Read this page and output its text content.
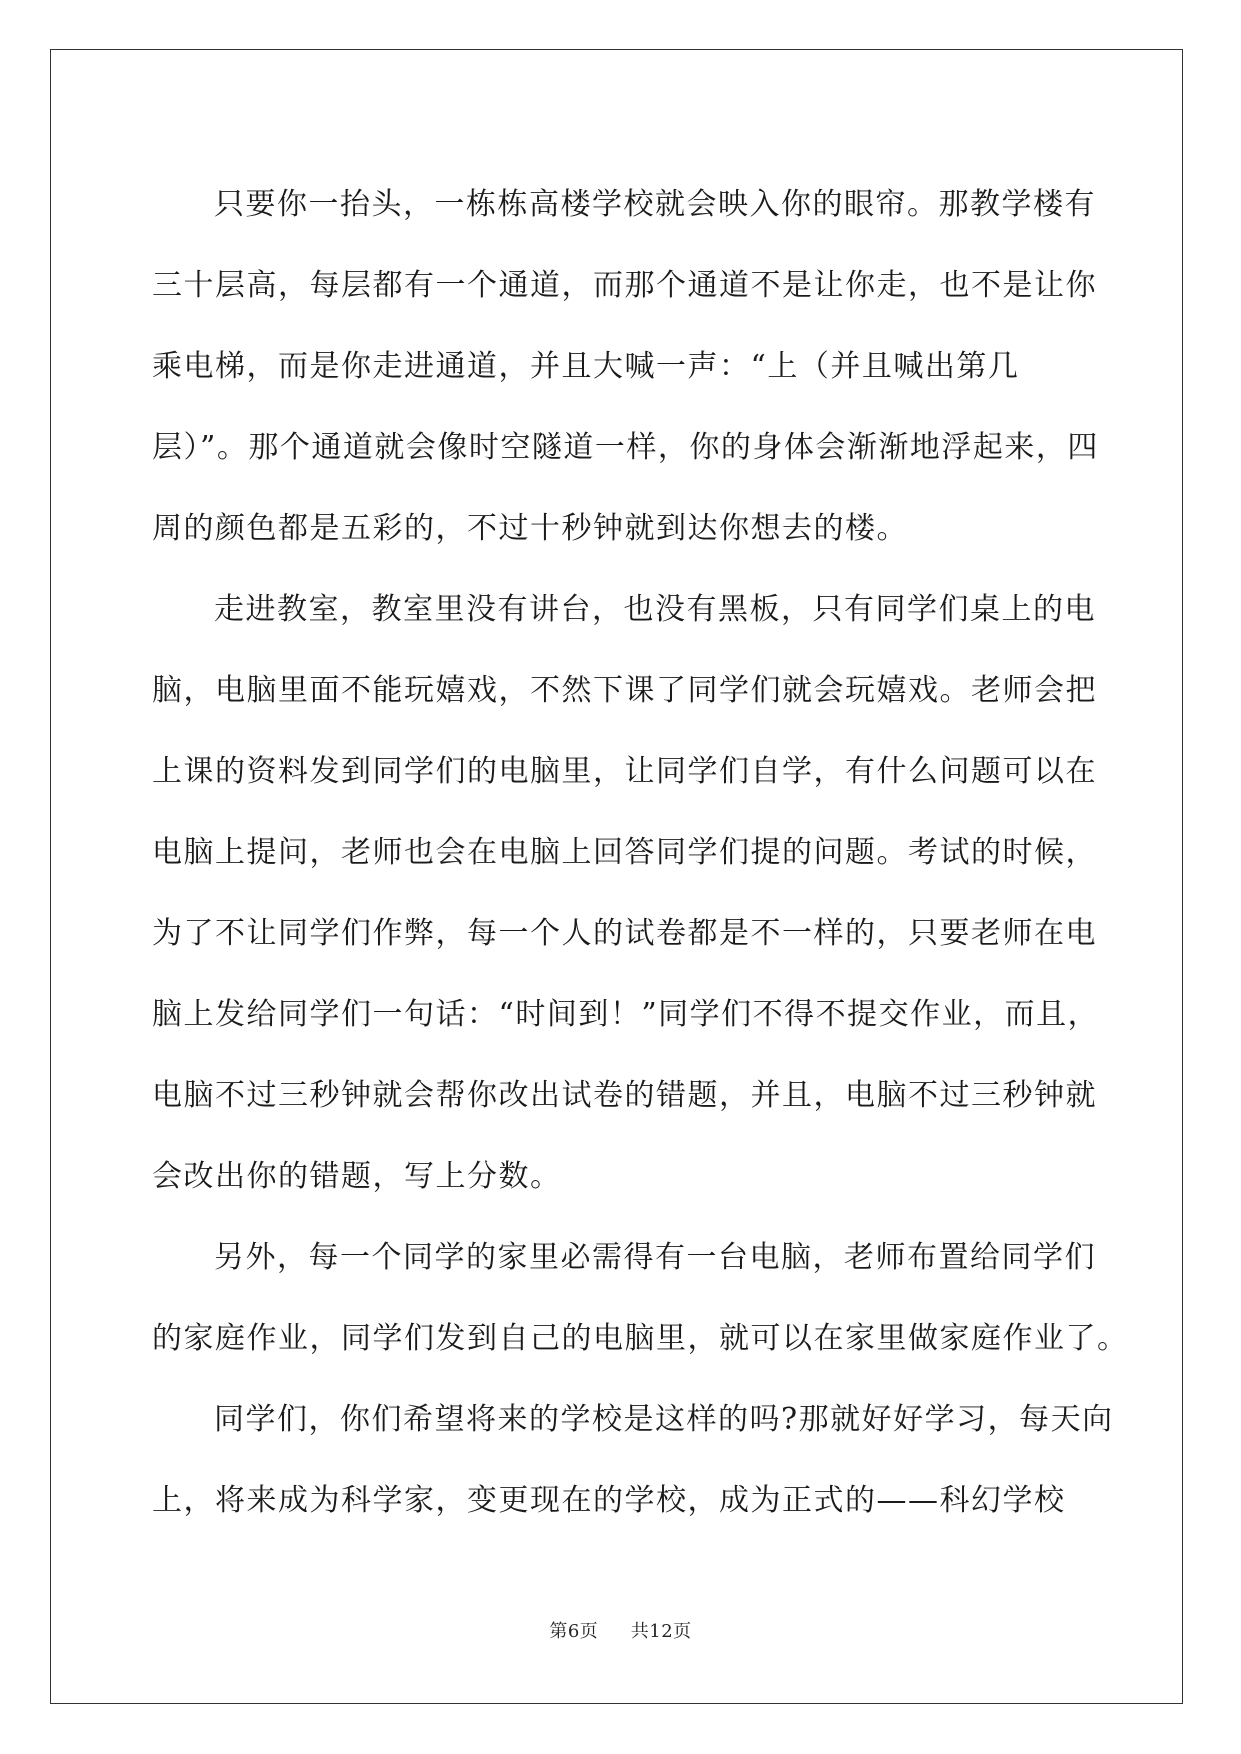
只要你一抬头，一栋栋高楼学校就会映入你的眼帘。那教学楼有
三十层高，每层都有一个通道，而那个通道不是让你走，也不是让你
乘电梯，而是你走进通道，并且大喊一声：“上（并且喊出第几
层）”。那个通道就会像时空隧道一样，你的身体会渐渐地浮起来，四
周的颜色都是五彩的，不过十秒钟就到达你想去的楼。

走进教室，教室里没有讲台，也没有黑板，只有同学们桌上的电
脑，电脑里面不能玩嬉戏，不然下课了同学们就会玩嬉戏。老师会把
上课的资料发到同学们的电脑里，让同学们自学，有什么问题可以在
电脑上提问，老师也会在电脑上回答同学们提的问题。考试的时候，
为了不让同学们作弊，每一个人的试卷都是不一样的，只要老师在电
脑上发给同学们一句话：“时间到！”同学们不得不提交作业，而且，
电脑不过三秒钟就会帮你改出试卷的错题，并且，电脑不过三秒钟就
会改出你的错题，写上分数。

另外，每一个同学的家里必需得有一台电脑，老师布置给同学们
的家庭作业，同学们发到自己的电脑里，就可以在家里做家庭作业了。

同学们，你们希望将来的学校是这样的吗?那就好好学习，每天向
上，将来成为科学家，变更现在的学校，成为正式的——科幻学校

第6页 共12页
